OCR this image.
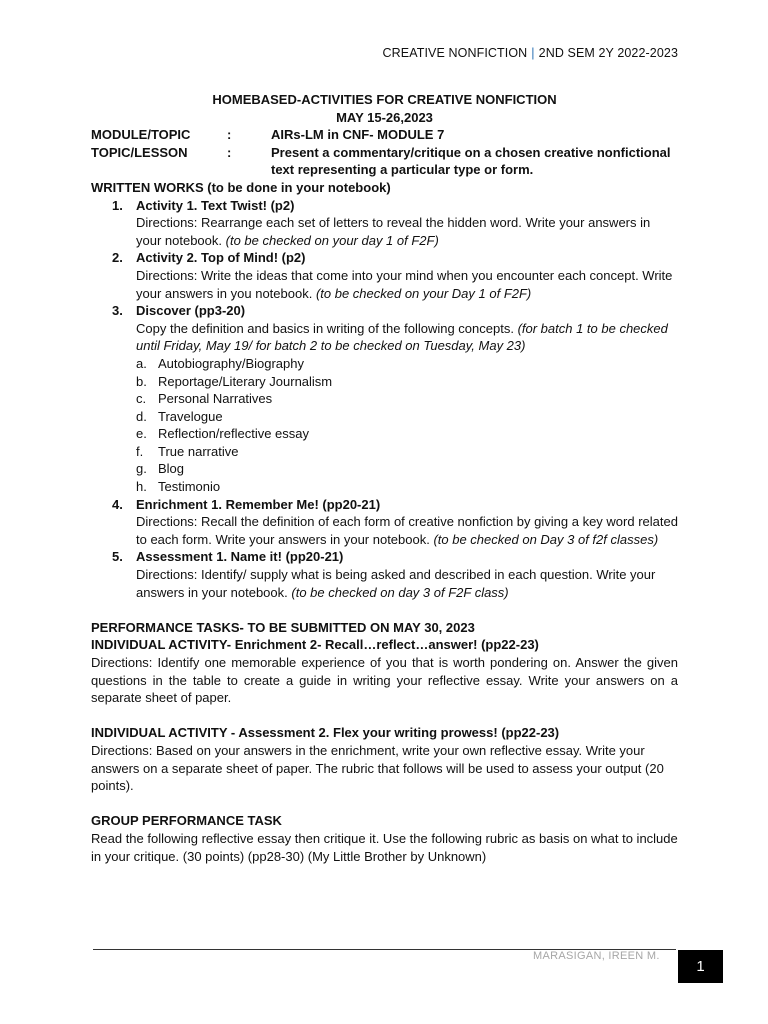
CREATIVE NONFICTION | 2ND SEM 2Y 2022-2023
HOMEBASED-ACTIVITIES FOR CREATIVE NONFICTION
MAY 15-26,2023
MODULE/TOPIC	:	AIRs-LM in CNF- MODULE 7
TOPIC/LESSON	:	Present a commentary/critique on a chosen creative nonfictional text representing a particular type or form.
WRITTEN WORKS (to be done in your notebook)
1. Activity 1. Text Twist! (p2)
Directions: Rearrange each set of letters to reveal the hidden word. Write your answers in your notebook. (to be checked on your day 1 of F2F)
2. Activity 2. Top of Mind! (p2)
Directions: Write the ideas that come into your mind when you encounter each concept. Write your answers in you notebook. (to be checked on your Day 1 of F2F)
3. Discover (pp3-20)
Copy the definition and basics in writing of the following concepts. (for batch 1 to be checked until Friday, May 19/ for batch 2 to be checked on Tuesday, May 23)
a. Autobiography/Biography
b. Reportage/Literary Journalism
c. Personal Narratives
d. Travelogue
e. Reflection/reflective essay
f. True narrative
g. Blog
h. Testimonio
4. Enrichment 1. Remember Me! (pp20-21)
Directions: Recall the definition of each form of creative nonfiction by giving a key word related to each form. Write your answers in your notebook. (to be checked on Day 3 of f2f classes)
5. Assessment 1. Name it! (pp20-21)
Directions: Identify/ supply what is being asked and described in each question. Write your answers in your notebook. (to be checked on day 3 of F2F class)
PERFORMANCE TASKS- TO BE SUBMITTED ON MAY 30, 2023
INDIVIDUAL ACTIVITY- Enrichment 2- Recall…reflect…answer! (pp22-23)
Directions: Identify one memorable experience of you that is worth pondering on. Answer the given questions in the table to create a guide in writing your reflective essay. Write your answers on a separate sheet of paper.
INDIVIDUAL ACTIVITY - Assessment 2. Flex your writing prowess! (pp22-23)
Directions: Based on your answers in the enrichment, write your own reflective essay. Write your answers on a separate sheet of paper. The rubric that follows will be used to assess your output (20 points).
GROUP PERFORMANCE TASK
Read the following reflective essay then critique it. Use the following rubric as basis on what to include in your critique. (30 points) (pp28-30) (My Little Brother by Unknown)
MARASIGAN, IREEN M.
1
